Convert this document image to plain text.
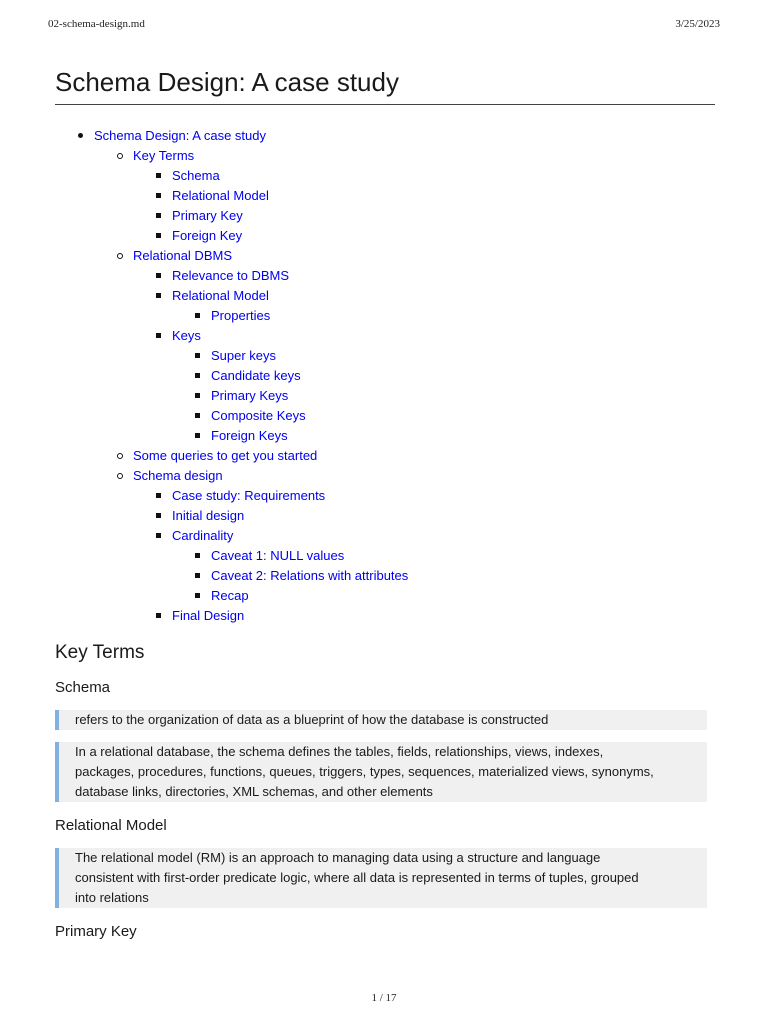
02-schema-design.md	3/25/2023
Schema Design: A case study
Schema Design: A case study
Key Terms
Schema
Relational Model
Primary Key
Foreign Key
Relational DBMS
Relevance to DBMS
Relational Model
Properties
Keys
Super keys
Candidate keys
Primary Keys
Composite Keys
Foreign Keys
Some queries to get you started
Schema design
Case study: Requirements
Initial design
Cardinality
Caveat 1: NULL values
Caveat 2: Relations with attributes
Recap
Final Design
Key Terms
Schema
refers to the organization of data as a blueprint of how the database is constructed
In a relational database, the schema defines the tables, fields, relationships, views, indexes,
packages, procedures, functions, queues, triggers, types, sequences, materialized views, synonyms,
database links, directories, XML schemas, and other elements
Relational Model
The relational model (RM) is an approach to managing data using a structure and language
consistent with first-order predicate logic, where all data is represented in terms of tuples, grouped
into relations
Primary Key
1 / 17
